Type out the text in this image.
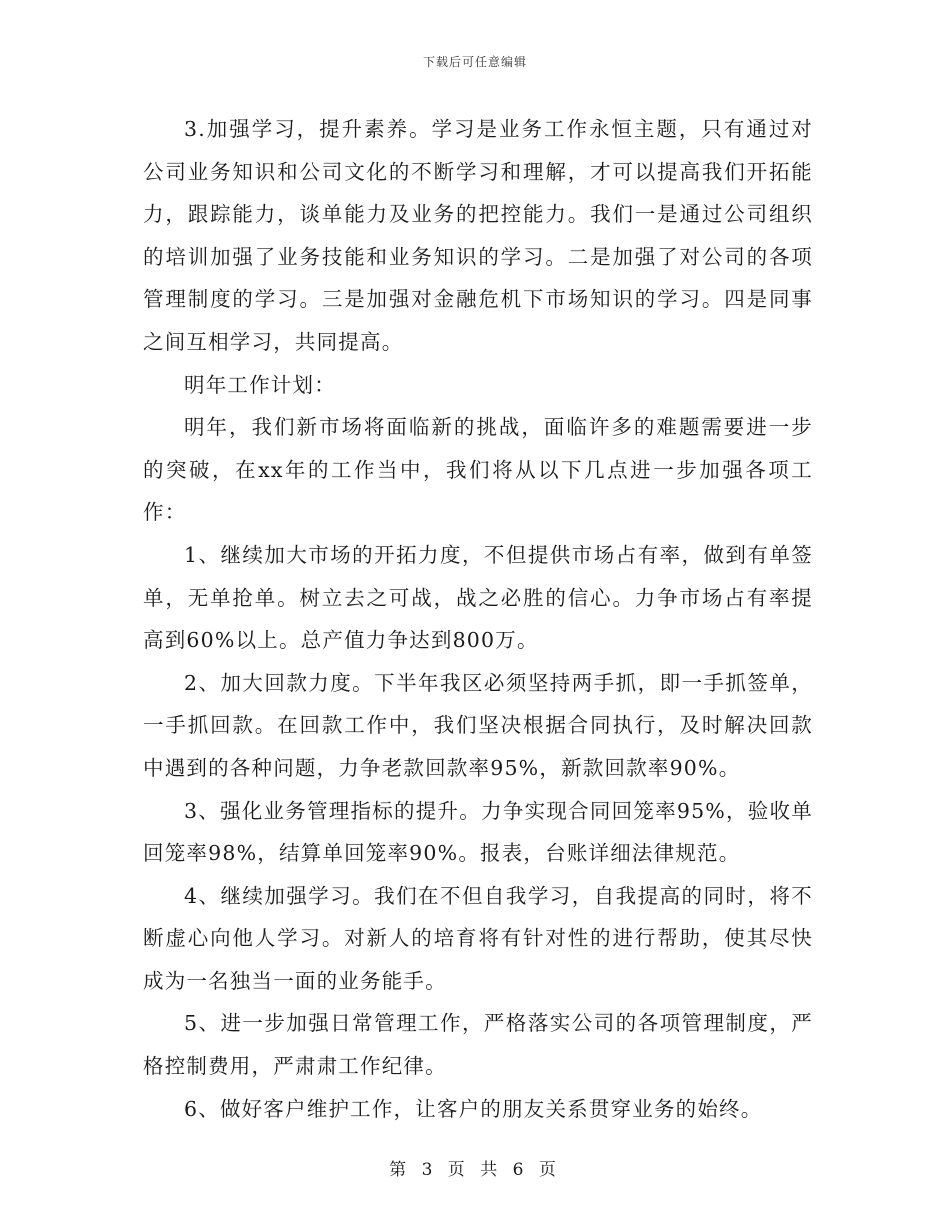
下载后可任意编辑

3.加强学习，提升素养。学习是业务工作永恒主题，只有通过对公司业务知识和公司文化的不断学习和理解，才可以提高我们开拓能力，跟踪能力，谈单能力及业务的把控能力。我们一是通过公司组织的培训加强了业务技能和业务知识的学习。二是加强了对公司的各项管理制度的学习。三是加强对金融危机下市场知识的学习。四是同事之间互相学习，共同提高。

明年工作计划：

明年，我们新市场将面临新的挑战，面临许多的难题需要进一步的突破，在xx年的工作当中，我们将从以下几点进一步加强各项工作：

1、继续加大市场的开拓力度，不但提供市场占有率，做到有单签单，无单抢单。树立去之可战，战之必胜的信心。力争市场占有率提高到60%以上。总产值力争达到800万。

2、加大回款力度。下半年我区必须坚持两手抓，即一手抓签单，一手抓回款。在回款工作中，我们坚决根据合同执行，及时解决回款中遇到的各种问题，力争老款回款率95%，新款回款率90%。

3、强化业务管理指标的提升。力争实现合同回笼率95%，验收单回笼率98%，结算单回笼率90%。报表，台账详细法律规范。

4、继续加强学习。我们在不但自我学习，自我提高的同时，将不断虚心向他人学习。对新人的培育将有针对性的进行帮助，使其尽快成为一名独当一面的业务能手。

5、进一步加强日常管理工作，严格落实公司的各项管理制度，严格控制费用，严肃肃工作纪律。

6、做好客户维护工作，让客户的朋友关系贯穿业务的始终。

第 3 页 共 6 页
